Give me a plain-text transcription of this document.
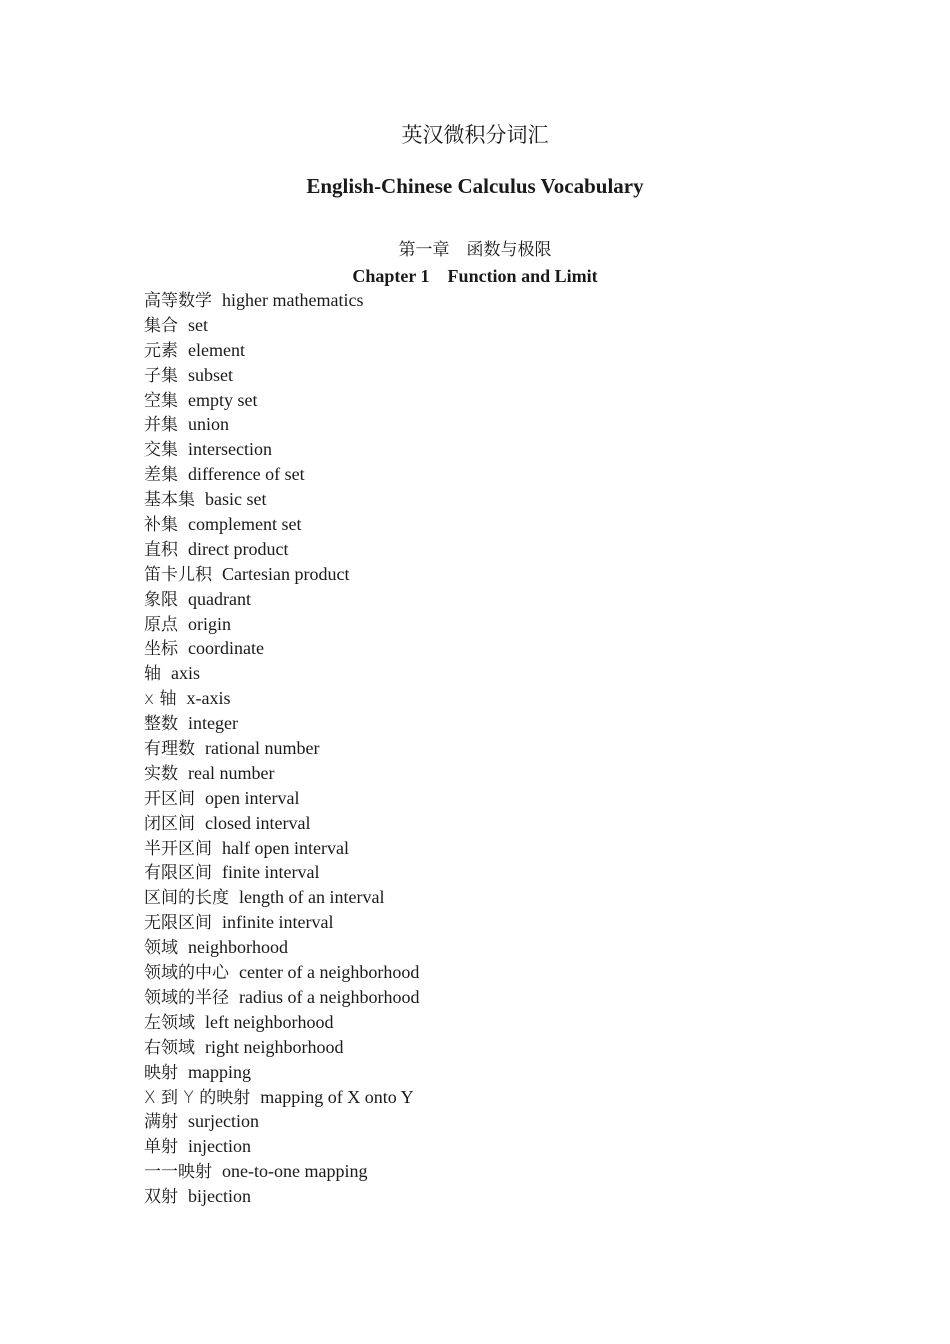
英汉微积分词汇
English-Chinese Calculus Vocabulary
第一章　函数与极限
Chapter 1    Function and Limit
高等数学 higher mathematics
集合 set
元素 element
子集 subset
空集 empty set
并集 union
交集 intersection
差集 difference of set
基本集 basic set
补集 complement set
直积 direct product
笛卡儿积 Cartesian product
象限 quadrant
原点 origin
坐标 coordinate
轴 axis
x 轴 x-axis
整数 integer
有理数 rational number
实数 real number
开区间 open interval
闭区间 closed interval
半开区间 half open interval
有限区间 finite interval
区间的长度 length of an interval
无限区间 infinite interval
领域 neighborhood
领域的中心 center of a neighborhood
领域的半径 radius of a neighborhood
左领域 left neighborhood
右领域 right neighborhood
映射 mapping
X 到 Y 的映射 mapping of X onto Y
满射 surjection
单射 injection
一一映射 one-to-one mapping
双射 bijection
